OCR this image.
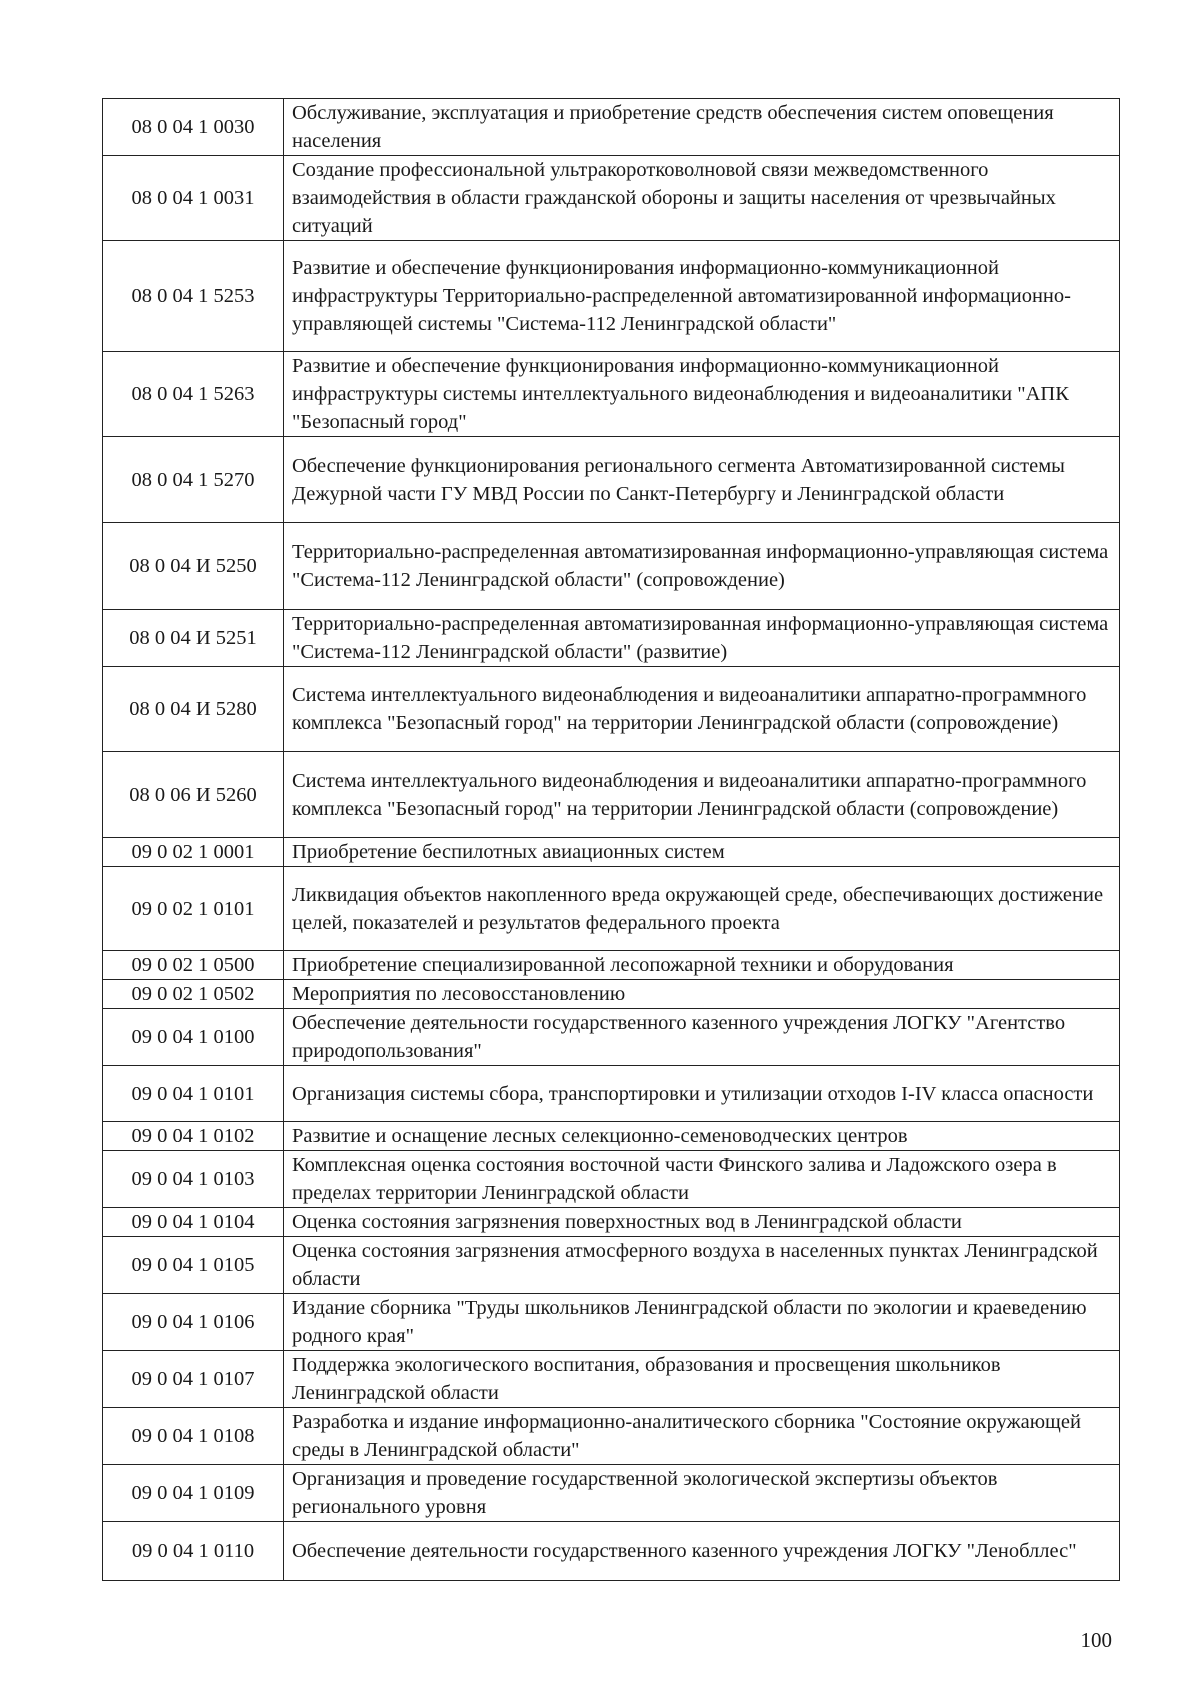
08 0 04 1 0030	Обслуживание, эксплуатация и приобретение средств обеспечения систем оповещения населения
08 0 04 1 0031	Создание профессиональной ультракоротковолновой связи межведомственного взаимодействия в области гражданской обороны и защиты населения от чрезвычайных ситуаций
08 0 04 1 5253	Развитие и обеспечение функционирования информационно-коммуникационной инфраструктуры Территориально-распределенной автоматизированной информационно-управляющей системы "Система-112 Ленинградской области"
08 0 04 1 5263	Развитие и обеспечение функционирования информационно-коммуникационной инфраструктуры системы интеллектуального видеонаблюдения и видеоаналитики "АПК "Безопасный город"
08 0 04 1 5270	Обеспечение функционирования регионального сегмента Автоматизированной системы Дежурной части ГУ МВД России по Санкт-Петербургу и Ленинградской области
08 0 04 И 5250	Территориально-распределенная автоматизированная информационно-управляющая система "Система-112 Ленинградской области" (сопровождение)
08 0 04 И 5251	Территориально-распределенная автоматизированная информационно-управляющая система "Система-112 Ленинградской области" (развитие)
08 0 04 И 5280	Система интеллектуального видеонаблюдения и видеоаналитики аппаратно-программного комплекса "Безопасный город" на территории Ленинградской области (сопровождение)
08 0 06 И 5260	Система интеллектуального видеонаблюдения и видеоаналитики аппаратно-программного комплекса "Безопасный город" на территории Ленинградской области (сопровождение)
09 0 02 1 0001	Приобретение беспилотных авиационных систем
09 0 02 1 0101	Ликвидация объектов накопленного вреда окружающей среде, обеспечивающих достижение целей, показателей и результатов федерального проекта
09 0 02 1 0500	Приобретение специализированной лесопожарной техники и оборудования
09 0 02 1 0502	Мероприятия по лесовосстановлению
09 0 04 1 0100	Обеспечение деятельности государственного казенного учреждения ЛОГКУ "Агентство природопользования"
09 0 04 1 0101	Организация системы сбора, транспортировки и утилизации отходов I-IV класса опасности
09 0 04 1 0102	Развитие и оснащение лесных селекционно-семеноводческих центров
09 0 04 1 0103	Комплексная оценка состояния восточной части Финского залива и Ладожского озера в пределах территории Ленинградской области
09 0 04 1 0104	Оценка состояния загрязнения поверхностных вод в Ленинградской области
09 0 04 1 0105	Оценка состояния загрязнения атмосферного воздуха в населенных пунктах Ленинградской области
09 0 04 1 0106	Издание сборника "Труды школьников Ленинградской области по экологии и краеведению родного края"
09 0 04 1 0107	Поддержка экологического воспитания, образования и просвещения школьников Ленинградской области
09 0 04 1 0108	Разработка и издание информационно-аналитического сборника "Состояние окружающей среды в Ленинградской области"
09 0 04 1 0109	Организация и проведение государственной экологической экспертизы объектов регионального уровня
09 0 04 1 0110	Обеспечение деятельности государственного казенного учреждения ЛОГКУ "Ленобллес"
100
